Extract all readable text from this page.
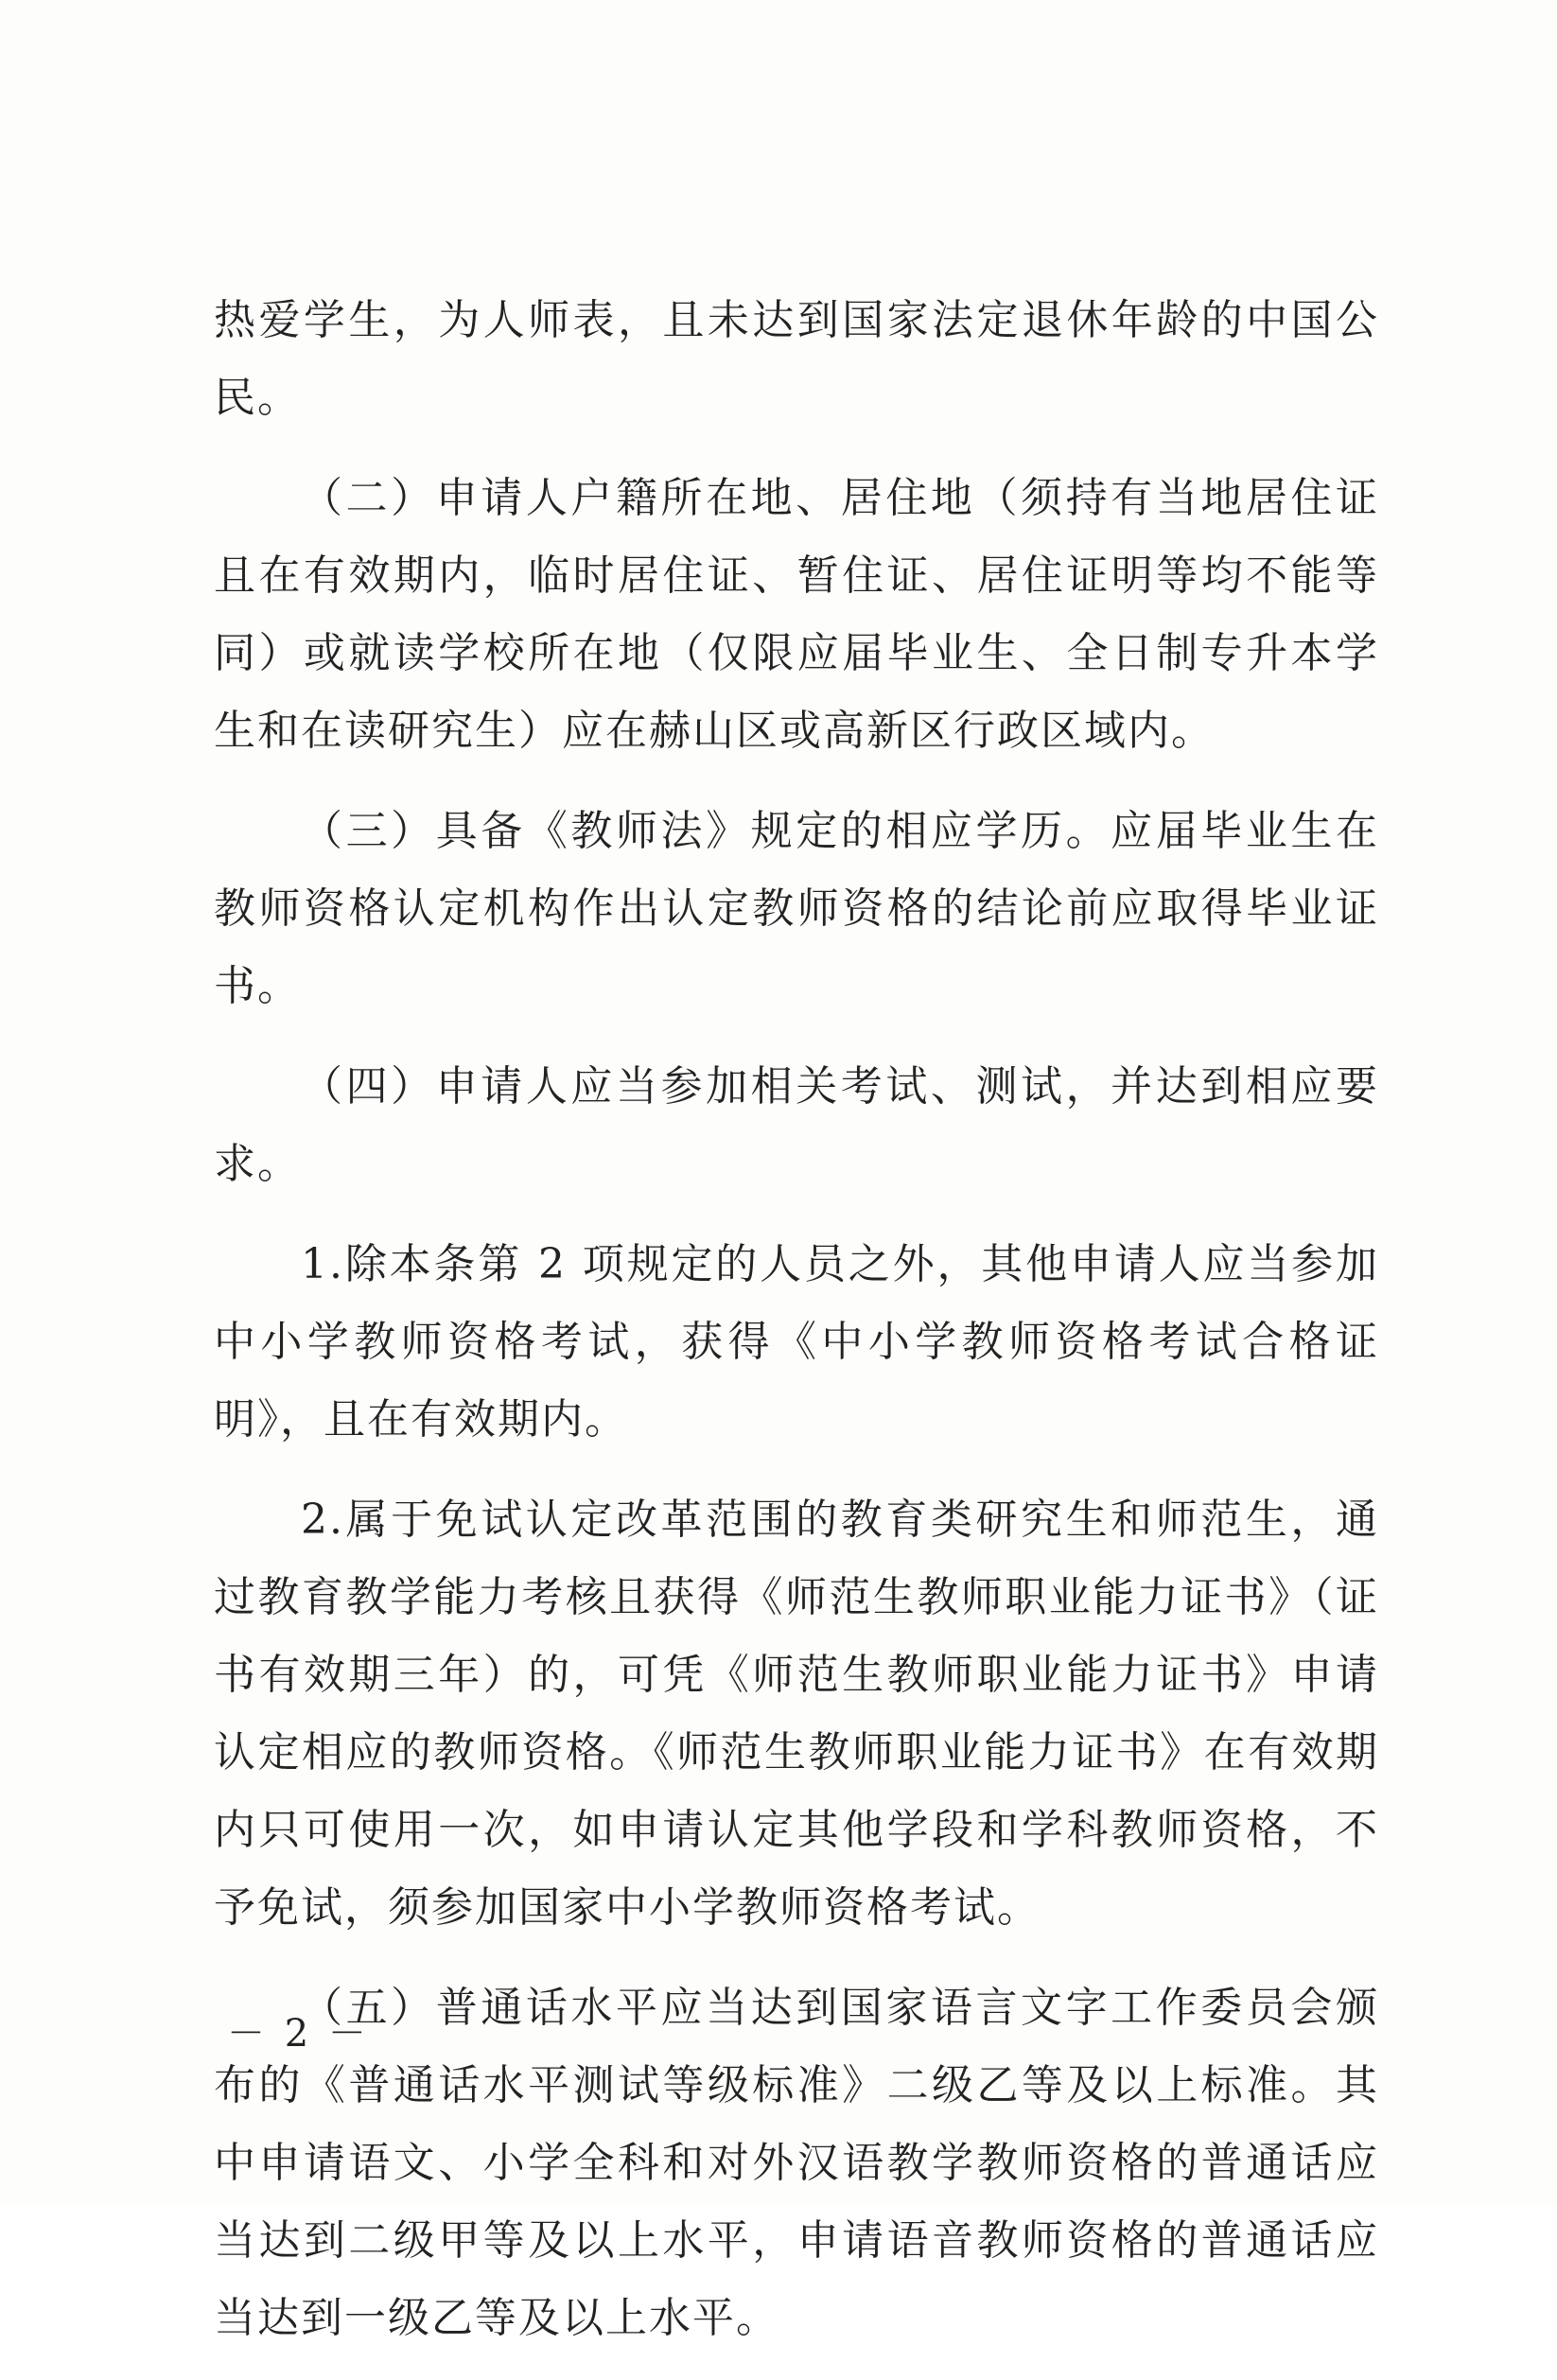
热爱学生，为人师表，且未达到国家法定退休年龄的中国公民。

（二）申请人户籍所在地、居住地（须持有当地居住证且在有效期内，临时居住证、暂住证、居住证明等均不能等同）或就读学校所在地（仅限应届毕业生、全日制专升本学生和在读研究生）应在赫山区或高新区行政区域内。

（三）具备《教师法》规定的相应学历。应届毕业生在教师资格认定机构作出认定教师资格的结论前应取得毕业证书。

（四）申请人应当参加相关考试、测试，并达到相应要求。

1.除本条第 2 项规定的人员之外，其他申请人应当参加中小学教师资格考试，获得《中小学教师资格考试合格证明》，且在有效期内。

2.属于免试认定改革范围的教育类研究生和师范生，通过教育教学能力考核且获得《师范生教师职业能力证书》（证书有效期三年）的，可凭《师范生教师职业能力证书》申请认定相应的教师资格。《师范生教师职业能力证书》在有效期内只可使用一次，如申请认定其他学段和学科教师资格，不予免试，须参加国家中小学教师资格考试。

（五）普通话水平应当达到国家语言文字工作委员会颁布的《普通话水平测试等级标准》二级乙等及以上标准。其中申请语文、小学全科和对外汉语教学教师资格的普通话应当达到二级甲等及以上水平，申请语音教师资格的普通话应当达到一级乙等及以上水平。

－ 2 －
